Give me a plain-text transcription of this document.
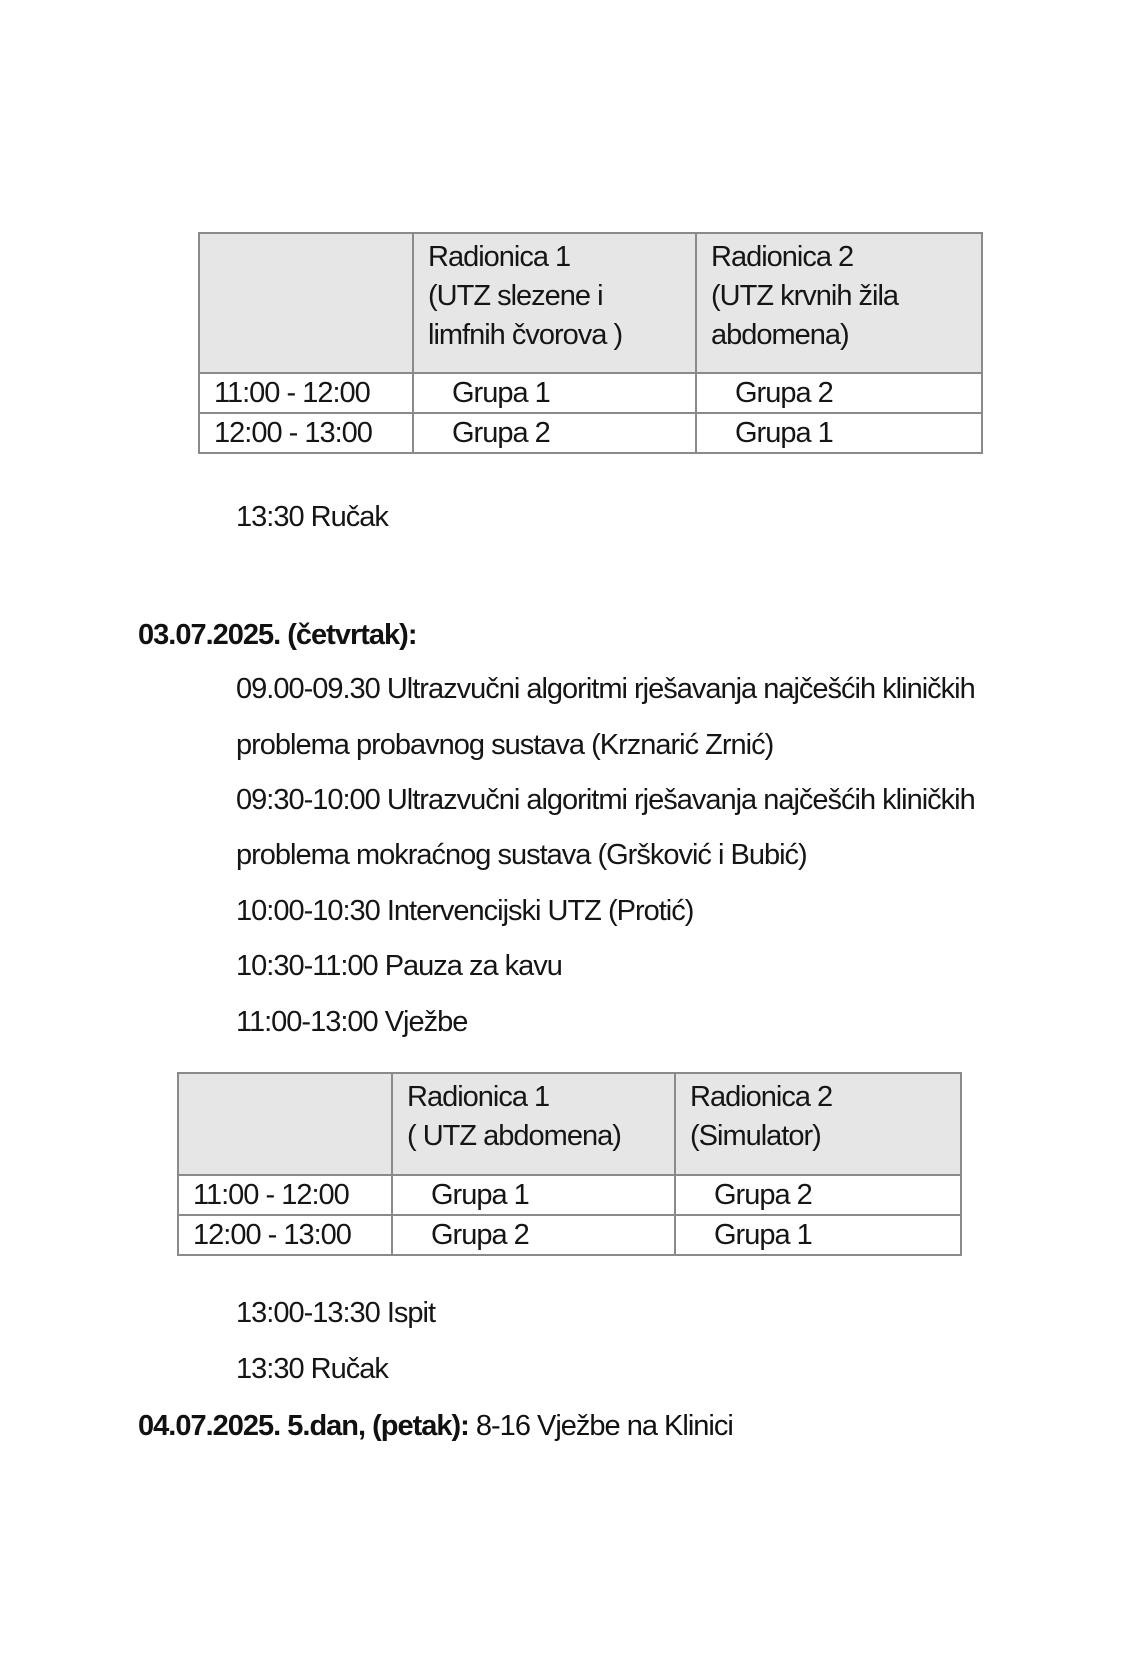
	Radionica 1
(UTZ slezene i
limfnih čvorova )	Radionica 2
(UTZ krvnih žila
abdomena)

11:00 - 12:00	Grupa 1	Grupa 2
12:00 - 13:00	Grupa 2	Grupa 1
13:30 Ručak
03.07.2025. (četvrtak):
09.00-09.30 Ultrazvučni algoritmi rješavanja najčešćih kliničkih
problema probavnog sustava (Krznarić Zrnić)
09:30-10:00 Ultrazvučni algoritmi rješavanja najčešćih kliničkih
problema mokraćnog sustava (Gršković i Bubić)
10:00-10:30 Intervencijski UTZ (Protić)
10:30-11:00 Pauza za kavu
11:00-13:00 Vježbe

	Radionica 1
( UTZ abdomena)	Radionica 2
(Simulator)

11:00 - 12:00	Grupa 1	Grupa 2
12:00 - 13:00	Grupa 2	Grupa 1
13:00-13:30 Ispit
13:30 Ručak
04.07.2025. 5.dan, (petak): 8-16 Vježbe na Klinici
